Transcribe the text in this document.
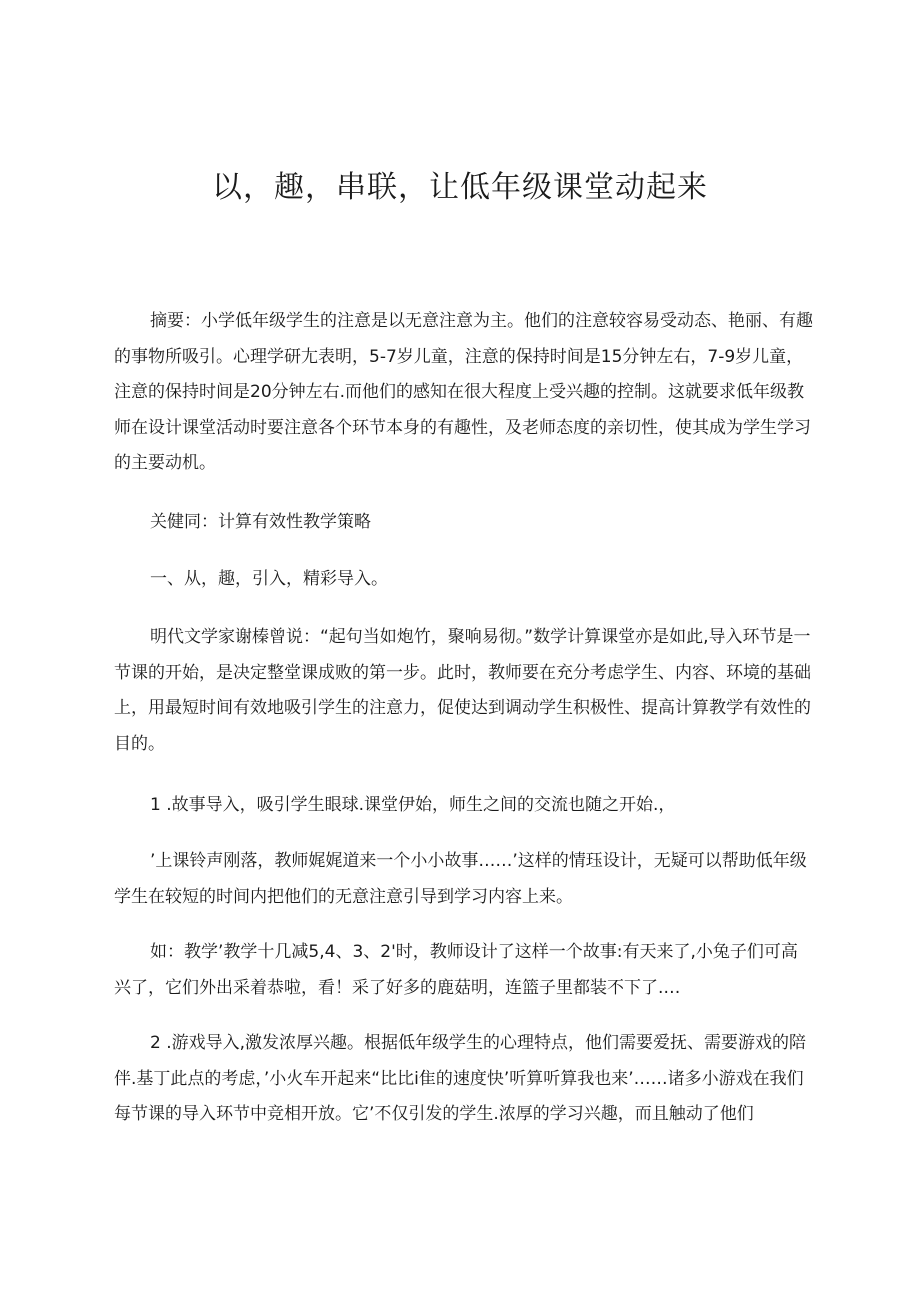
以，趣，串联，让低年级课堂动起来

摘要：小学低年级学生的注意是以无意注意为主。他们的注意较容易受动态、艳丽、有趣的事物所吸引。心理学研尢表明，5-7岁儿童，注意的保持时间是15分钟左右，7-9岁儿童，注意的保持时间是20分钟左右.而他们的感知在很大程度上受兴趣的控制。这就要求低年级教师在设计课堂活动时要注意各个环节本身的有趣性，及老师态度的亲切性，使其成为学生学习的主要动机。

关健同：计算有效性教学策略

一、从，趣，引入，精彩导入。

明代文学家谢榛曾说：“起句当如炮竹，聚响易彻。”数学计算课堂亦是如此,导入环节是一节课的开始，是决定整堂课成败的第一步。此时，教师要在充分考虑学生、内容、环境的基础上，用最短时间有效地吸引学生的注意力，促使达到调动学生积极性、提高计算教学有效性的目的。

1 .故事导入，吸引学生眼球.课堂伊始，师生之间的交流也随之开始.，

’上课铃声刚落，教师娓娓道来一个小小故事……’这样的情珏设计，无疑可以帮助低年级学生在较短的时间内把他们的无意注意引导到学习内容上来。

如：教学’教学十几减5,4、3、2'时，教师设计了这样一个故事:有天来了,小兔子们可高兴了，它们外出采着恭啦，看！采了好多的鹿菇明，连篮子里都装不下了.…

2 .游戏导入,激发浓厚兴趣。根据低年级学生的心理特点，他们需要爱抚、需要游戏的陪伴.基丁此点的考虑，’小火车开起来“比比i隹的速度快’听算听算我也来’……诸多小游戏在我们每节课的导入环节中竞相开放。它’不仅引发的学生.浓厚的学习兴趣，而且触动了他们
